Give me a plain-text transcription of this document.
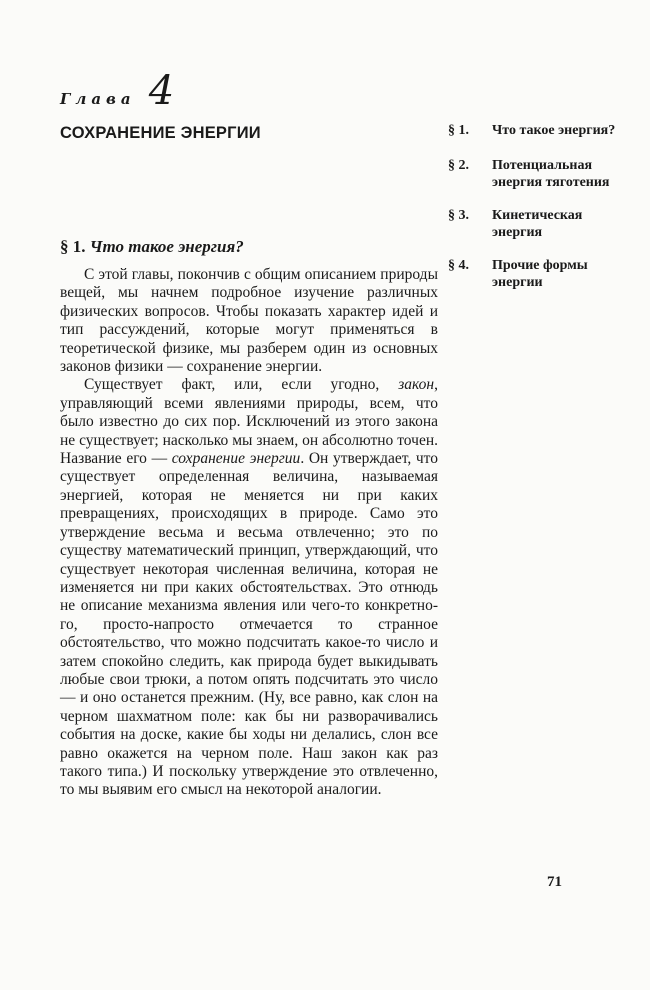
Глава 4
СОХРАНЕНИЕ ЭНЕРГИИ	§ 1. Что такое энергия?
§ 2. Потенциальная энергия тяготения
§ 3. Кинетическая энергия
§ 4. Прочие формы энергии
§ 1. Что такое энергия?

С этой главы, покончив с общим описанием природы вещей, мы начнем подробное изучение различных физических вопросов. Чтобы показать характер идей и тип рассуждений, которые могут применяться в теоретической физике, мы разберем один из основных законов физики — сохранение энергии.

Существует факт, или, если угодно, закон, управляющий всеми явлениями природы, всем, что было известно до сих пор. Исключений из этого закона не существует; насколько мы знаем, он абсолютно точен. Название его — сохранение энергии. Он утверждает, что существует определенная величина, называемая энергией, которая не меняется ни при каких превращениях, происходящих в природе. Само это утверждение весьма и весьма отвлеченно; это по существу математический принцип, утверждающий, что существует некоторая численная величина, которая не изменяется ни при каких обстоятельствах. Это отнюдь не описание механизма явления или чего-то конкретного, просто-напросто отмечается то странное обстоятельство, что можно подсчитать какое-то число и затем спокойно следить, как природа будет выкидывать любые свои трюки, а потом опять подсчитать это число — и оно останется прежним. (Ну, все равно, как слон на черном шахматном поле: как бы ни разворачивались события на доске, какие бы ходы ни делались, слон все равно окажется на черном поле. Наш закон как раз такого типа.) И поскольку утверждение это отвлеченно, то мы выявим его смысл на некоторой аналогии.

71
